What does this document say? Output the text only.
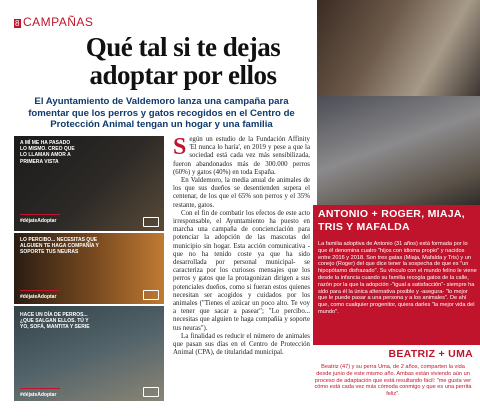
8 CAMPAÑAS
Qué tal si te dejas adoptar por ellos
El Ayuntamiento de Valdemoro lanza una campaña para fomentar que los perros y gatos recogidos en el Centro de Protección Animal tengan un hogar y una familia
A MÍ ME HA PASADO LO MISMO. CREO QUE LO LLAMAN AMOR A PRIMERA VISTA
#déjateAdoptar
LO PERCIBO... NECESITAS QUE ALGUIEN TE HAGA COMPAÑÍA Y SOPORTE TUS NEURAS
#déjateAdoptar
HACE UN DÍA DE PERROS... ¿QUE SALGAN ELLOS. TÚ Y YO, SOFÁ, MANTITA Y SERIE
#déjateAdoptar

Según un estudio de la Fundación Affinity 'El nunca lo haría', en 2019 y pese a que la sociedad está cada vez más sensibilizada, fueron abandonados más de 300.000 perros (60%) y gatos (40%) en toda España.

En Valdemoro, la media anual de animales de los que sus dueños se desentienden supera el centenar, de los que el 65% son perros y el 35% restante, gatos.

Con el fin de combatir los efectos de este acto irresponsable, el Ayuntamiento ha puesto en marcha una campaña de concienciación para potenciar la adopción de las mascotas del municipio sin hogar. Esta acción comunicativa -que no ha tenido coste ya que ha sido desarrollada por personal municipal- se caracteriza por los curiosos mensajes que los perros y gatos que la protagonizan dirigen a sus potenciales dueños, como si fueran estos quienes necesitan ser acogidos y cuidados por los animales ("Tienes el azúcar un poco alto. Te voy a tener que sacar a pasear"; "Lo percibo... necesitas que alguien te haga compañía y soporte tus neuras").

La finalidad es reducir el número de animales que pasan sus días en el Centro de Protección Animal (CPA), de titularidad municipal.

ANTONIO + ROGER, MIAJA, TRIS Y MAFALDA
La familia adoptiva de Antonio (31 años) está formada por lo que él denomina cuatro "hijos con idioma propio" y nacidos entre 2016 y 2018. Son tres gatas (Miaja, Mafalda y Tris) y un conejo (Roger) del que dice tener la sospecha de que es "un hipopótamo disfrazado". Su vínculo con el mundo felino le viene desde la infancia cuando su familia recogía gatos de la calle, razón por la que la adopción -"igual a satisfacción"- siempre ha sido para él la única alternativa posible y -asegura- "lo mejor que le puede pasar a una persona y a los animales". De ahí que, como cualquier progenitor, quiera darles "la mejor vida del mundo".
BEATRIZ + UMA
Beatriz (47) y su perra Uma, de 2 años, comparten la vida desde junio de este mismo año. Ambas están viviendo aún un proceso de adaptación que está resultando fácil: "me gusta ver cómo está cada vez más cómoda conmigo y que es una perrita feliz".
